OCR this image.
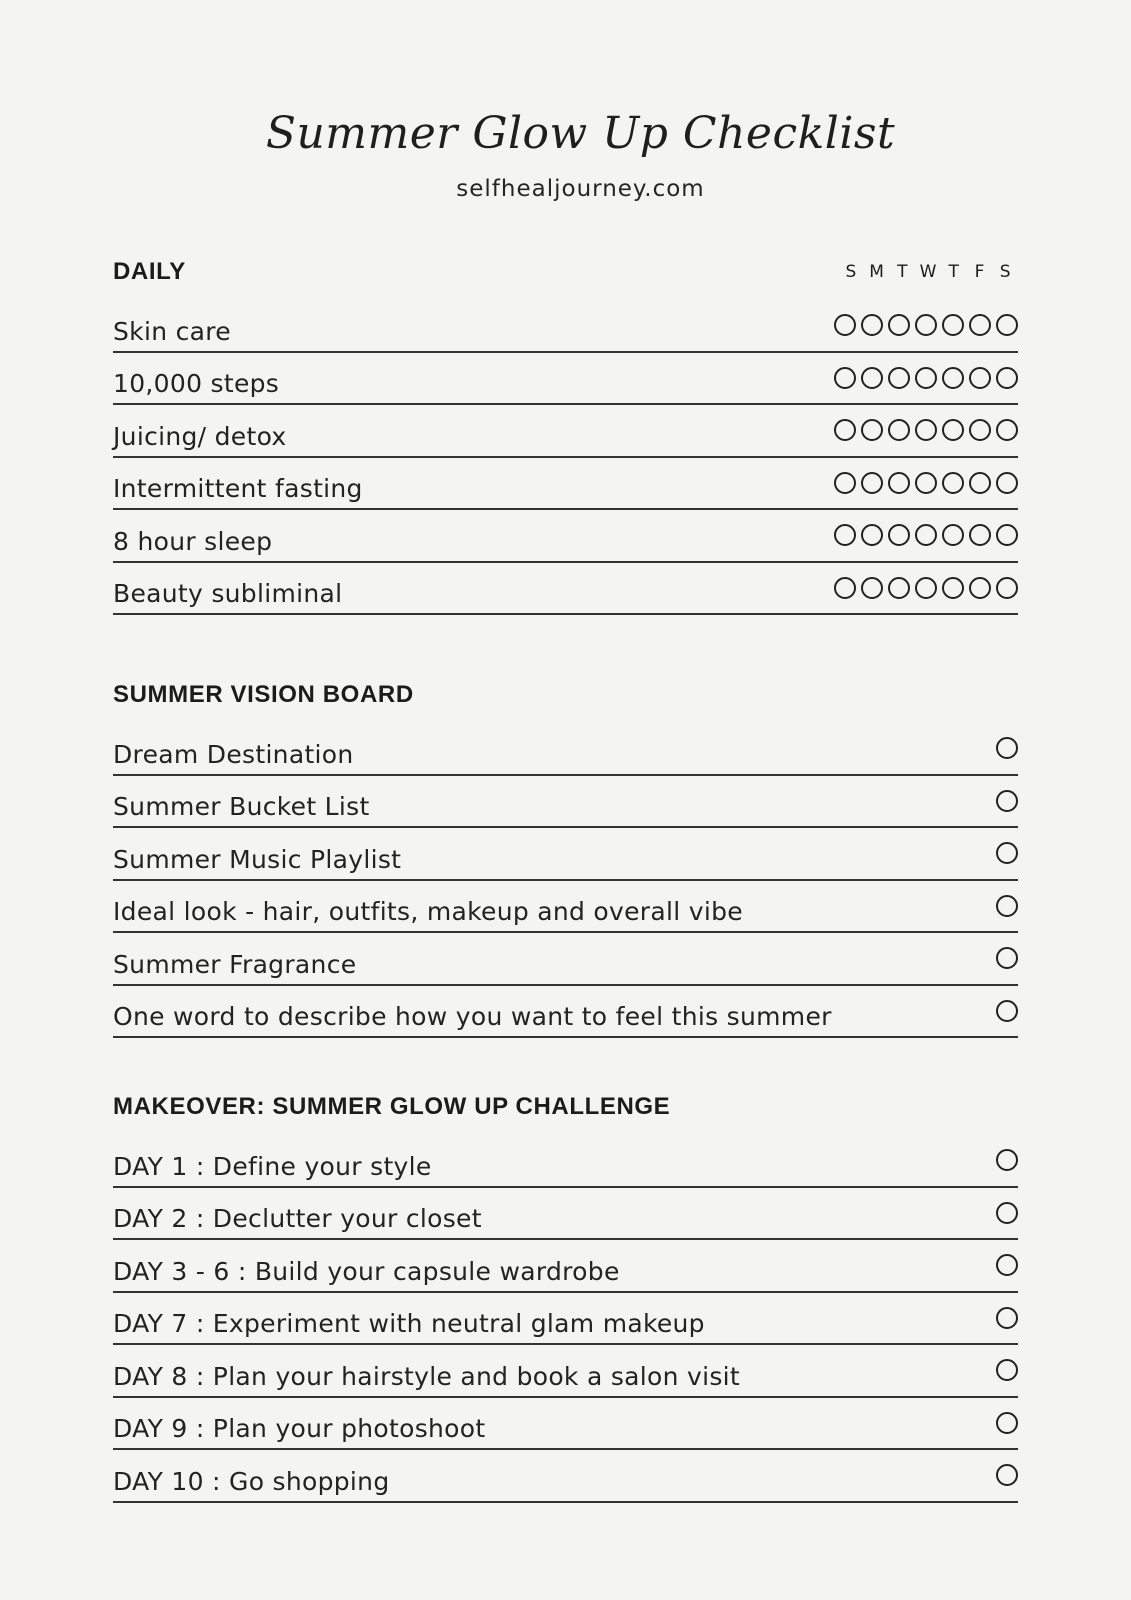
Summer Glow Up Checklist
selfhealjourney.com
DAILY	S M T W T F S
Skin care
10,000 steps
Juicing/ detox
Intermittent fasting
8 hour sleep
Beauty subliminal
SUMMER VISION BOARD
Dream Destination
Summer Bucket List
Summer Music Playlist
Ideal look - hair, outfits, makeup and overall vibe
Summer Fragrance
One word to describe how you want to feel this summer
MAKEOVER: SUMMER GLOW UP CHALLENGE
DAY 1 : Define your style
DAY 2 : Declutter your closet
DAY 3 - 6 : Build your capsule wardrobe
DAY 7 : Experiment with neutral glam makeup
DAY 8 : Plan your hairstyle and book a salon visit
DAY 9 : Plan your photoshoot
DAY 10 : Go shopping
